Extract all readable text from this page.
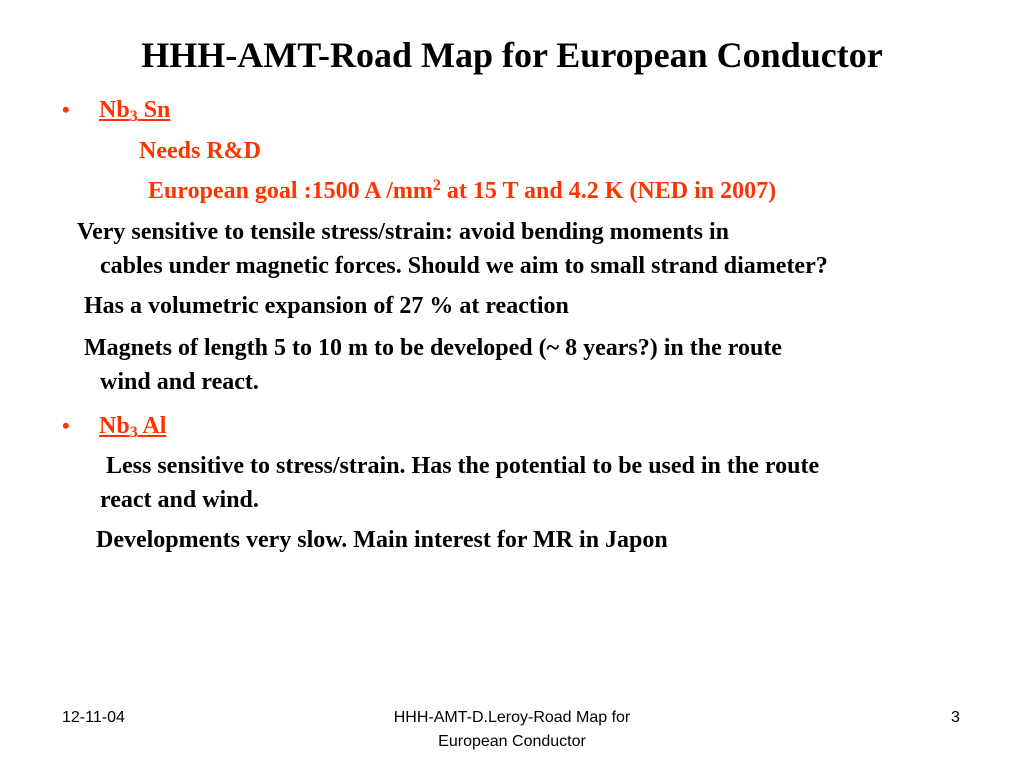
HHH-AMT-Road Map for European Conductor
• $Nb_3$ Sn
Needs R&D
European goal :1500 A $/mm^2$ at 15 T and 4.2 K (NED in 2007)
Very sensitive to tensile stress/strain: avoid bending moments in
cables under magnetic forces. Should we aim to small strand diameter?
Has a volumetric expansion of 27 % at reaction
Magnets of length 5 to 10 m to be developed (~ 8 years?) in the route
wind and react.
• $Nb_3$ Al
Less sensitive to stress/strain. Has the potential to be used in the route
react and wind.
Developments very slow. Main interest for MR in Japon
12-11-04	HHH-AMT-D.Leroy-Road Map for
European Conductor
3
